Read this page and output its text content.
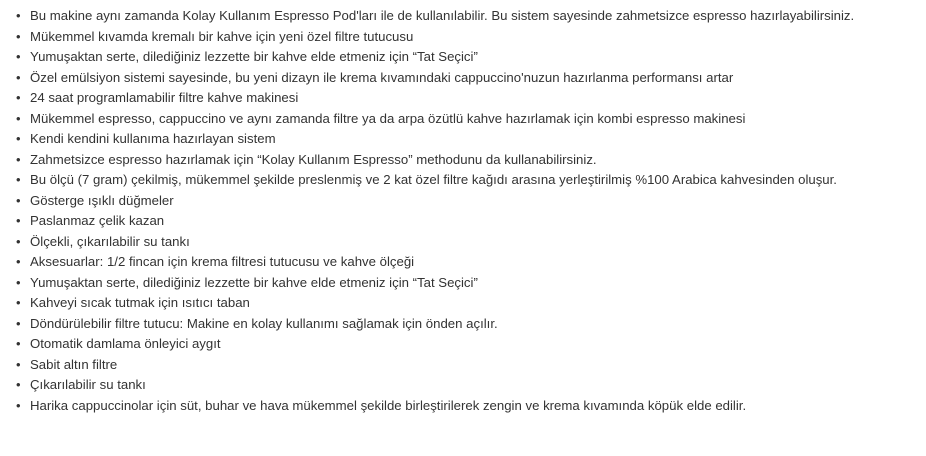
• Bu makine aynı zamanda Kolay Kullanım Espresso Pod'ları ile de kullanılabilir. Bu sistem sayesinde zahmetsizce espresso hazırlayabilirsiniz.
• Mükemmel kıvamda kremalı bir kahve için yeni özel filtre tutucusu
• Yumuşaktan serte, dilediğiniz lezzette bir kahve elde etmeniz için “Tat Seçici”
• Özel emülsiyon sistemi sayesinde, bu yeni dizayn ile krema kıvamındaki cappuccino'nuzun hazırlanma performansı artar
• 24 saat programlamabilir filtre kahve makinesi
• Mükemmel espresso, cappuccino ve aynı zamanda filtre ya da arpa özütlü kahve hazırlamak için kombi espresso makinesi
• Kendi kendini kullanıma hazırlayan sistem
• Zahmetsizce espresso hazırlamak için “Kolay Kullanım Espresso” methodunu da kullanabilirsiniz.
• Bu ölçü (7 gram) çekilmiş, mükemmel şekilde preslenmiş ve 2 kat özel filtre kağıdı arasına yerleştirilmiş %100 Arabica kahvesinden oluşur.
• Gösterge ışıklı düğmeler
• Paslanmaz çelik kazan
• Ölçekli, çıkarılabilir su tankı
• Aksesuarlar: 1/2 fincan için krema filtresi tutucusu ve kahve ölçeği
• Yumuşaktan serte, dilediğiniz lezzette bir kahve elde etmeniz için “Tat Seçici”
• Kahveyi sıcak tutmak için ısıtıcı taban
• Döndürülebilir filtre tutucu: Makine en kolay kullanımı sağlamak için önden açılır.
• Otomatik damlama önleyici aygıt
• Sabit altın filtre
• Çıkarılabilir su tankı
• Harika cappuccinolar için süt, buhar ve hava mükemmel şekilde birleştirilerek zengin ve krema kıvamında köpük elde edilir.
